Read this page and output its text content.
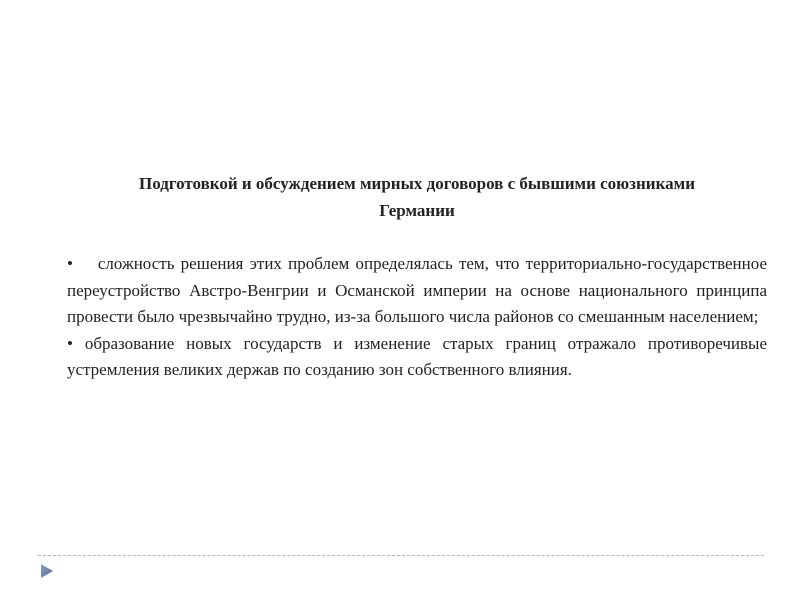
Подготовкой и обсуждением мирных договоров с бывшими союзниками Германии

• сложность решения этих проблем определялась тем, что территориально-государственное переустройство Австро-Венгрии и Османской империи на основе национального принципа провести было чрезвычайно трудно, из-за большого числа районов со смешанным населением;

• образование новых государств и изменение старых границ отражало противоречивые устремления великих держав по созданию зон собственного влияния.
